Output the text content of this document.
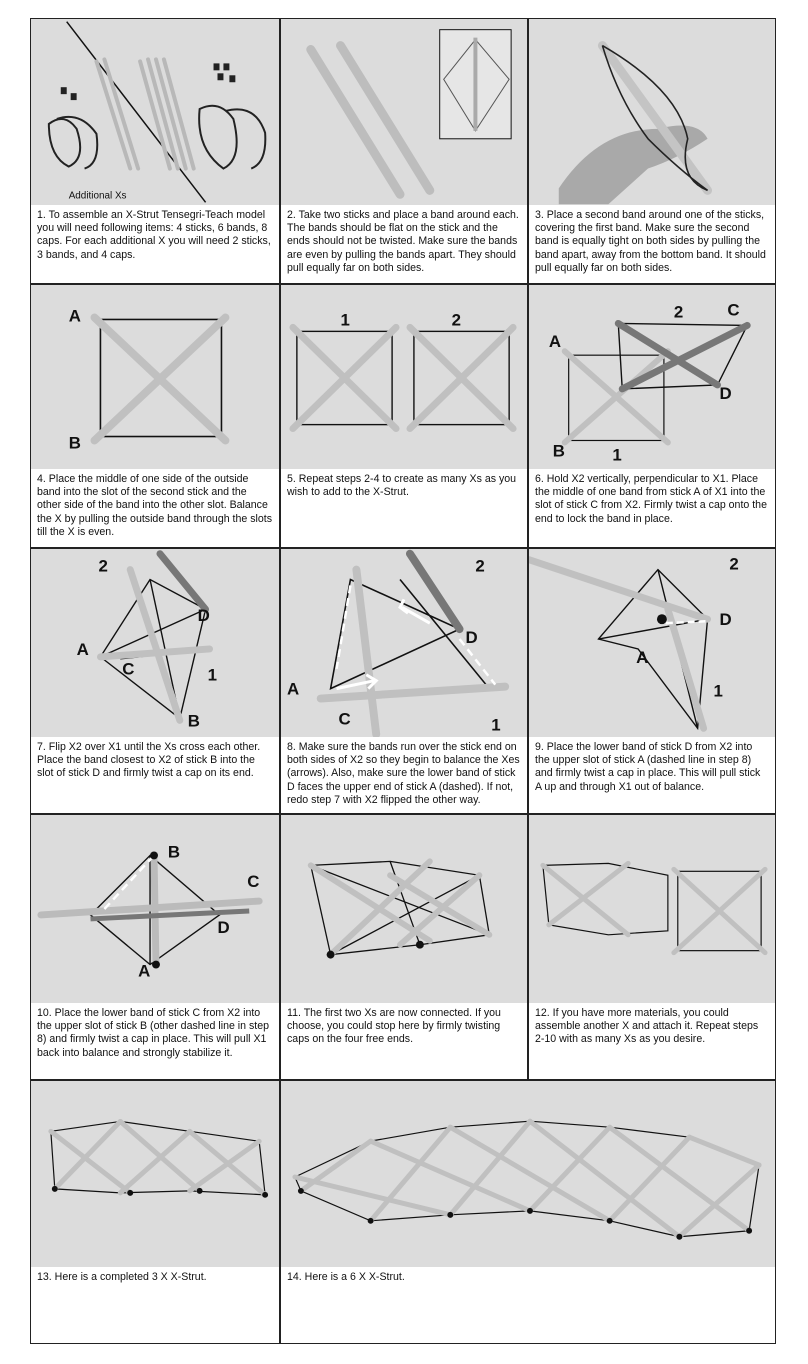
Additional Xs
1. To assemble an X-Strut Tensegri-Teach model you will need following items: 4 sticks, 6 bands, 8 caps. For each additional X you will need 2 sticks, 3 bands, and 4 caps.
2. Take two sticks and place a band around each. The bands should be flat on the stick and the ends should not be twisted. Make sure the bands are even by pulling the bands apart. They should pull equally far on both sides.
3. Place a second band around one of the sticks, covering the first band. Make sure the second band is equally tight on both sides by pulling the band apart, away from the bottom band. It should pull equally far on both sides.
A
B
4. Place the middle of one side of the outside band into the slot of the second stick and the other side of the band into the other slot. Balance the X by pulling the outside band through the slots till the X is even.
1	2
5. Repeat steps 2-4 to create as many Xs as you wish to add to the X-Strut.
2	C
A
D
B	1
6. Hold X2 vertically, perpendicular to X1. Place the middle of one band from stick A of X1 into the slot of stick C from X2. Firmly twist a cap onto the end to lock the band in place.
2
D
A
C	1
B
7. Flip X2 over X1 until the Xs cross each other. Place the band closest to X2 of stick B into the slot of stick D and firmly twist a cap on its end.
2
D
A
C	1
8. Make sure the bands run over the stick end on both sides of X2 so they begin to balance the Xes (arrows). Also, make sure the lower band of stick D faces the upper end of stick A (dashed). If not, redo step 7 with X2 flipped the other way.
2
D
A
1
9. Place the lower band of stick D from X2 into the upper slot of stick A (dashed line in step 8) and firmly twist a cap in place. This will pull stick A up and through X1 out of balance.
B
C
D
A
10. Place the lower band of stick C from X2 into the upper slot of stick B (other dashed line in step 8) and firmly twist a cap in place. This will pull X1 back into balance and strongly stabilize it.
11. The first two Xs are now connected. If you choose, you could stop here by firmly twisting caps on the four free ends.
12. If you have more materials, you could assemble another X and attach it. Repeat steps 2-10 with as many Xs as you desire.
13. Here is a completed 3 X X-Strut.	14. Here is a 6 X X-Strut.
